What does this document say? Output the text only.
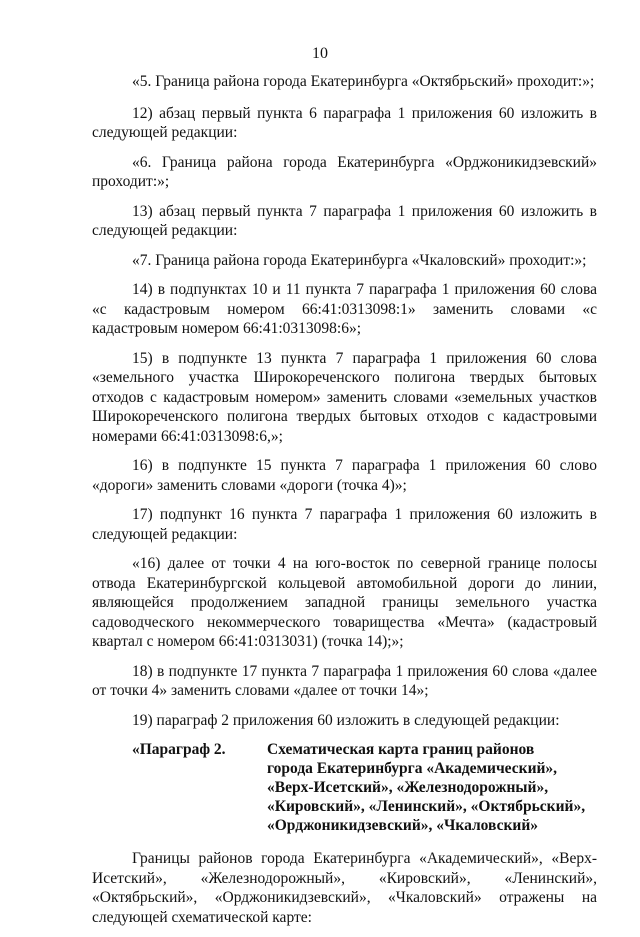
10

«5. Граница района города Екатеринбурга «Октябрьский» проходит:»;

12) абзац первый пункта 6 параграфа 1 приложения 60 изложить в следующей редакции:

«6. Граница района города Екатеринбурга «Орджоникидзевский» проходит:»;

13) абзац первый пункта 7 параграфа 1 приложения 60 изложить в следующей редакции:

«7. Граница района города Екатеринбурга «Чкаловский» проходит:»;

14) в подпунктах 10 и 11 пункта 7 параграфа 1 приложения 60 слова «с кадастровым номером 66:41:0313098:1» заменить словами «с кадастровым номером 66:41:0313098:6»;

15) в подпункте 13 пункта 7 параграфа 1 приложения 60 слова «земельного участка Широкореченского полигона твердых бытовых отходов с кадастровым номером» заменить словами «земельных участков Широкореченского полигона твердых бытовых отходов с кадастровыми номерами 66:41:0313098:6,»;

16) в подпункте 15 пункта 7 параграфа 1 приложения 60 слово «дороги» заменить словами «дороги (точка 4)»;

17) подпункт 16 пункта 7 параграфа 1 приложения 60 изложить в следующей редакции:

«16) далее от точки 4 на юго-восток по северной границе полосы отвода Екатеринбургской кольцевой автомобильной дороги до линии, являющейся продолжением западной границы земельного участка садоводческого некоммерческого товарищества «Мечта» (кадастровый квартал с номером 66:41:0313031) (точка 14);»;

18) в подпункте 17 пункта 7 параграфа 1 приложения 60 слова «далее от точки 4» заменить словами «далее от точки 14»;

19) параграф 2 приложения 60 изложить в следующей редакции:

«Параграф 2.	Схематическая карта границ районов
города Екатеринбурга «Академический»,
«Верх-Исетский», «Железнодорожный»,
«Кировский», «Ленинский», «Октябрьский»,
«Орджоникидзевский», «Чкаловский»

Границы районов города Екатеринбурга «Академический», «Верх-Исетский», «Железнодорожный», «Кировский», «Ленинский», «Октябрьский», «Орджоникидзевский», «Чкаловский» отражены на следующей схематической карте:
